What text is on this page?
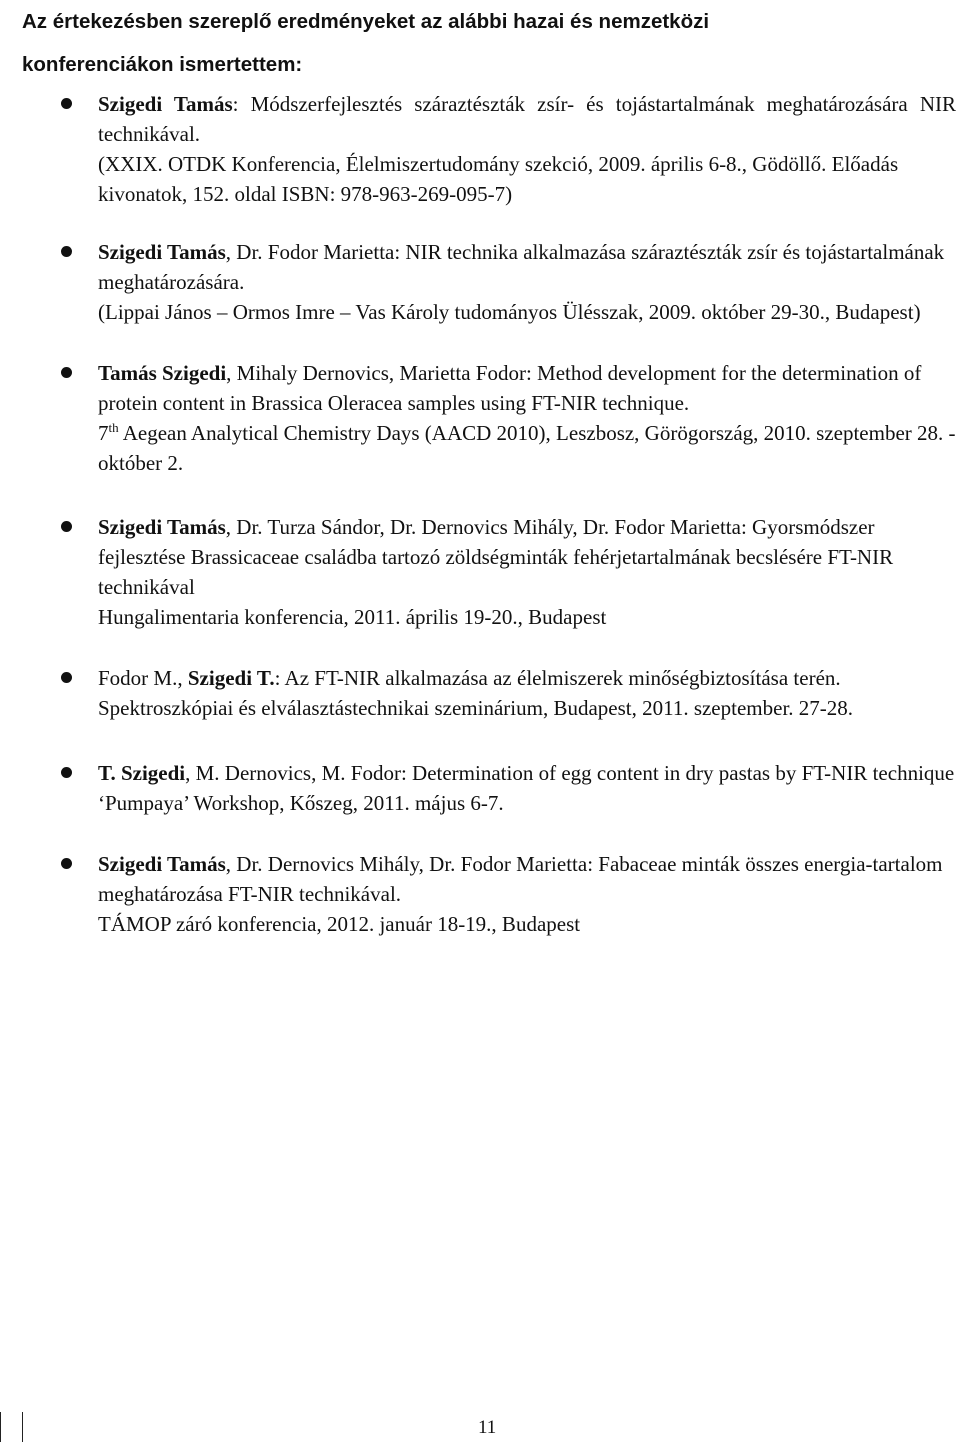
Az értekezésben szereplő eredményeket az alábbi hazai és nemzetközi
konferenciákon ismertettem:

Szigedi Tamás: Módszerfejlesztés száraztészták zsír- és tojástartalmának meghatározására NIR technikával.

(XXIX. OTDK Konferencia, Élelmiszertudomány szekció, 2009. április 6-8., Gödöllő. Előadás kivonatok, 152. oldal ISBN: 978-963-269-095-7)

Szigedi Tamás, Dr. Fodor Marietta: NIR technika alkalmazása száraztészták zsír és tojástartalmának meghatározására.

(Lippai János – Ormos Imre – Vas Károly tudományos Ülésszak, 2009. október 29-30., Budapest)

Tamás Szigedi, Mihaly Dernovics, Marietta Fodor: Method development for the determination of protein content in Brassica Oleracea samples using FT-NIR technique.

7th Aegean Analytical Chemistry Days (AACD 2010), Leszbosz, Görögország, 2010. szeptember 28. - október 2.

Szigedi Tamás, Dr. Turza Sándor, Dr. Dernovics Mihály, Dr. Fodor Marietta: Gyorsmódszer fejlesztése Brassicaceae családba tartozó zöldségminták fehérjetartalmának becslésére FT-NIR technikával

Hungalimentaria konferencia, 2011. április 19-20., Budapest

Fodor M., Szigedi T.: Az FT-NIR alkalmazása az élelmiszerek minőségbiztosítása terén.

Spektroszkópiai és elválasztástechnikai szeminárium, Budapest, 2011. szeptember. 27-28.

T. Szigedi, M. Dernovics, M. Fodor: Determination of egg content in dry pastas by FT-NIR technique

‘Pumpaya’ Workshop, Kőszeg, 2011. május 6-7.

Szigedi Tamás, Dr. Dernovics Mihály, Dr. Fodor Marietta: Fabaceae minták összes energia-tartalom meghatározása FT-NIR technikával.

TÁMOP záró konferencia, 2012. január 18-19., Budapest

11
